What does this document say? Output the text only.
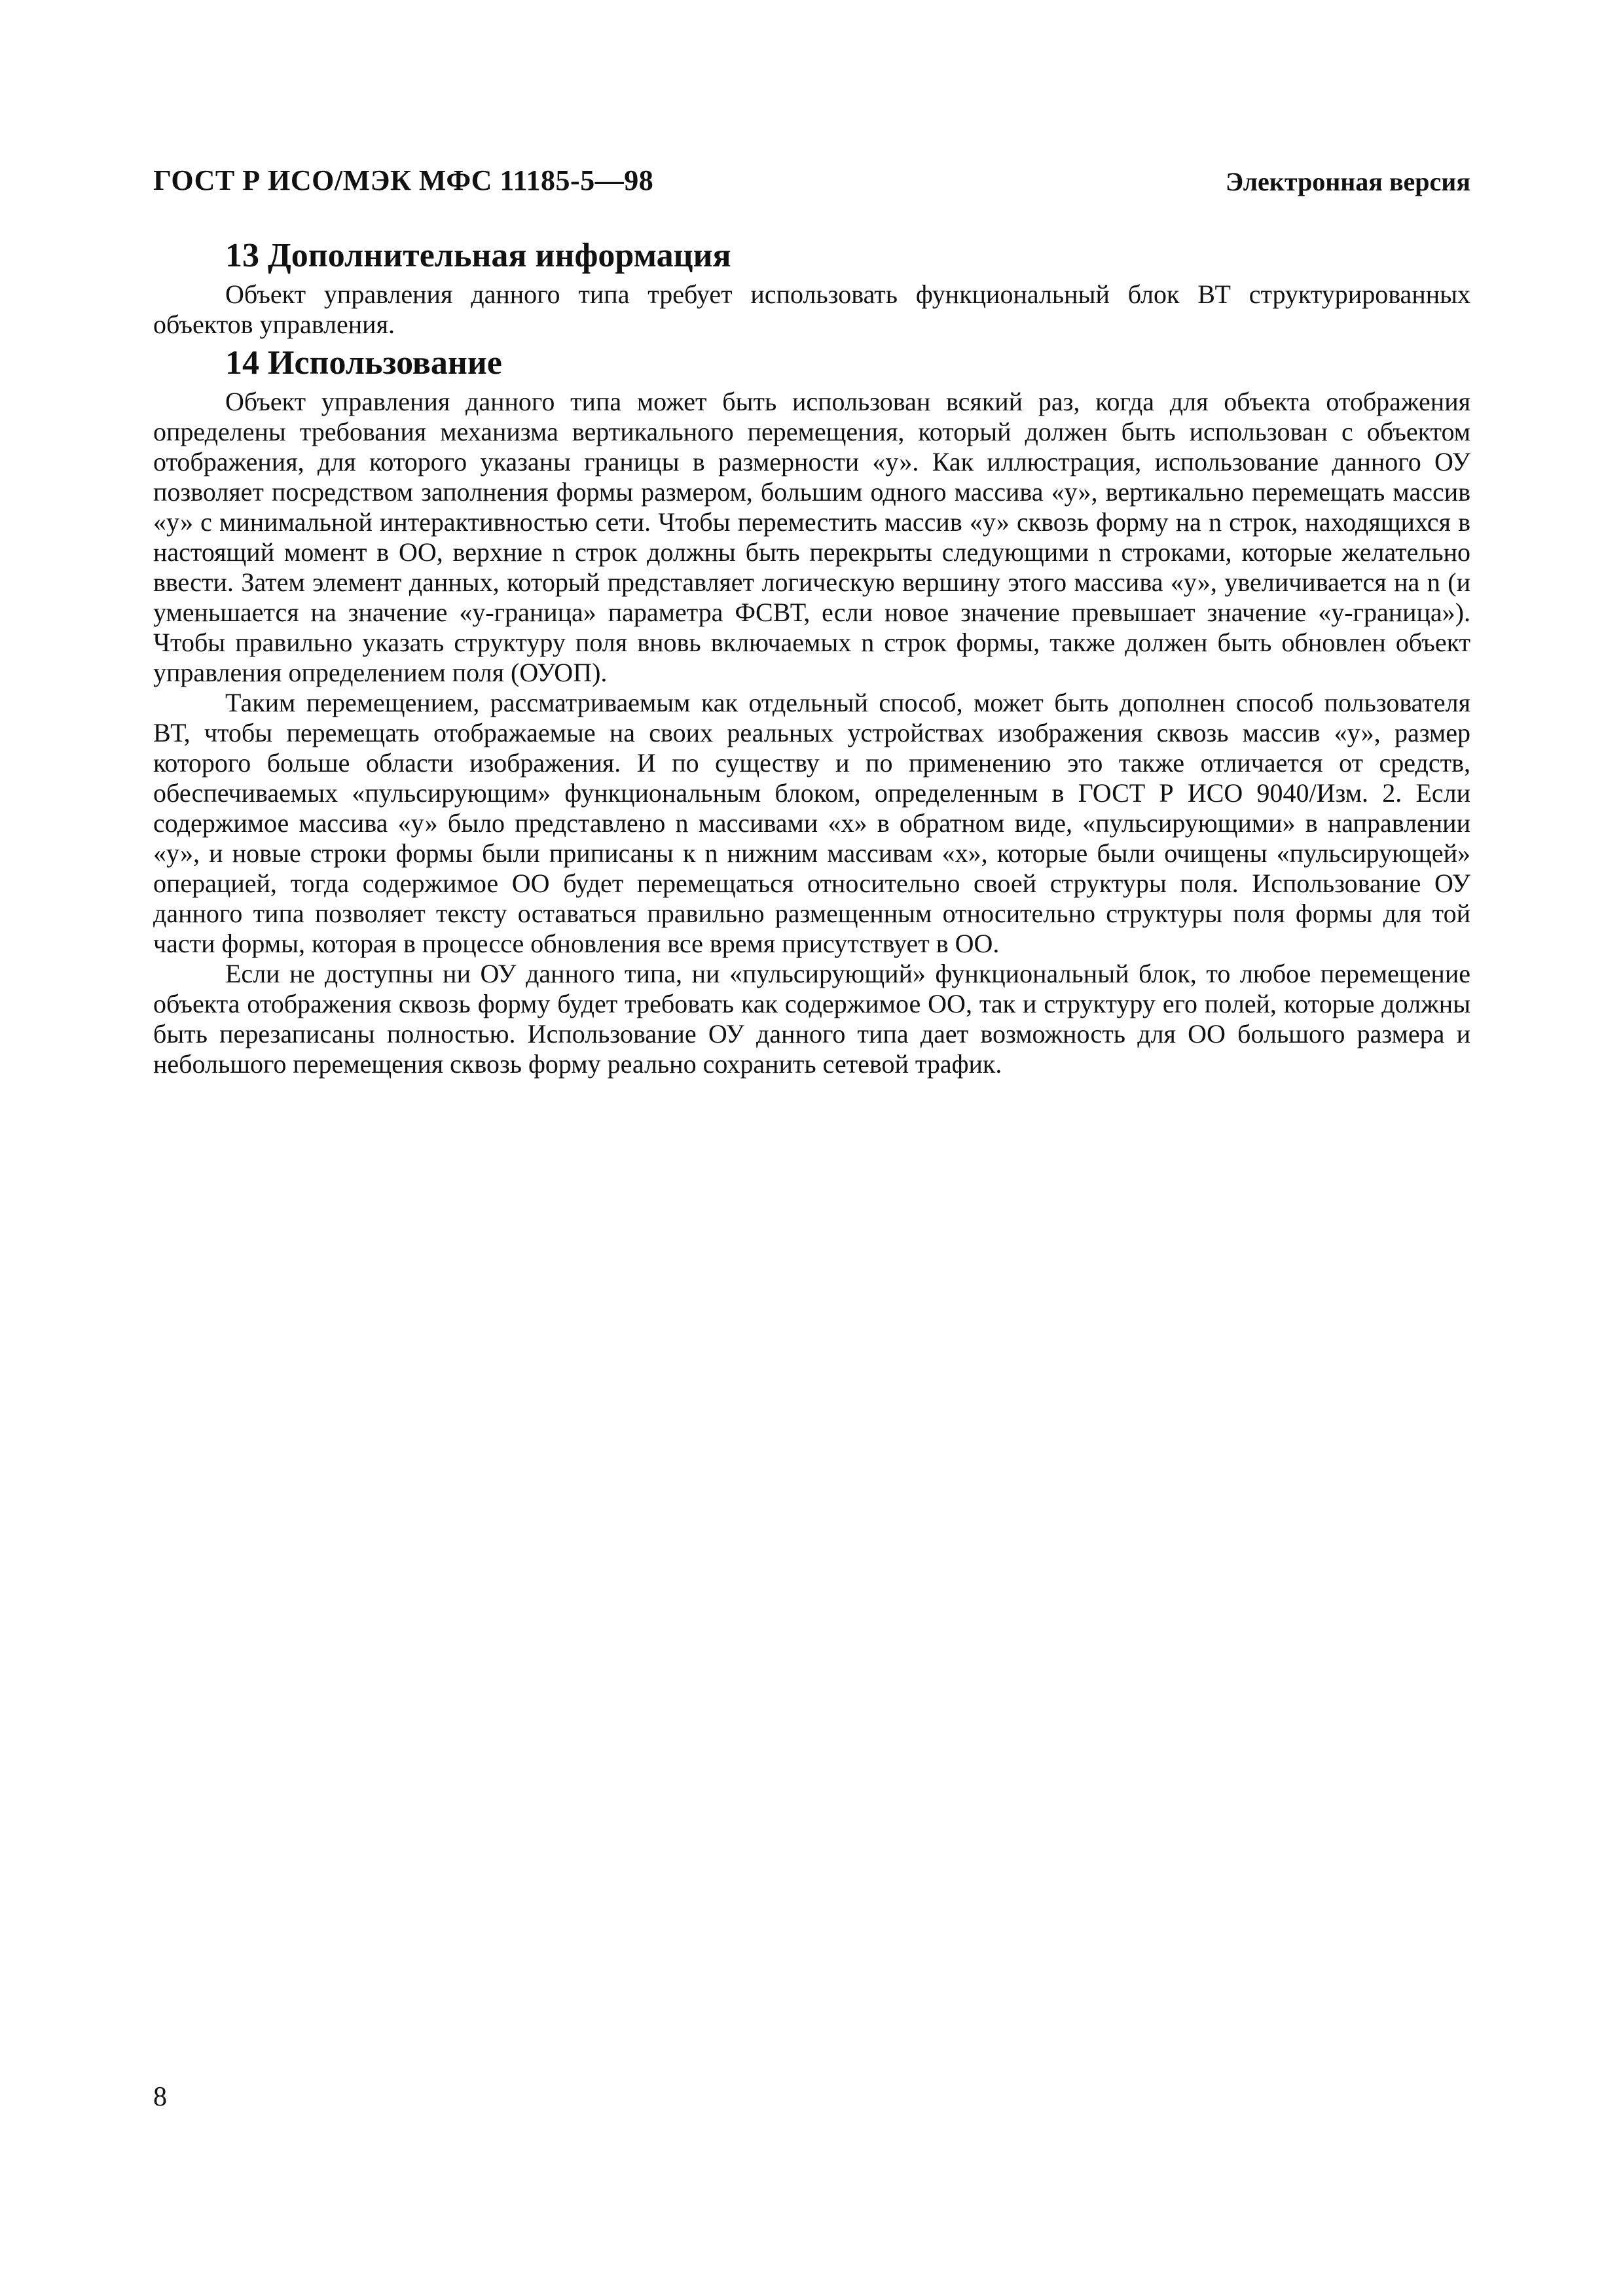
ГОСТ Р ИСО/МЭК МФС 11185-5—98	Электронная версия
13 Дополнительная информация

Объект управления данного типа требует использовать функциональный блок ВТ структурированных объектов управления.

14 Использование

Объект управления данного типа может быть использован всякий раз, когда для объекта отображения определены требования механизма вертикального перемещения, который должен быть использован с объектом отображения, для которого указаны границы в размерности «у». Как иллюстрация, использование данного ОУ позволяет посредством заполнения формы размером, большим одного массива «у», вертикально перемещать массив «у» с минимальной интерактивностью сети. Чтобы переместить массив «у» сквозь форму на n строк, находящихся в настоящий момент в ОО, верхние n строк должны быть перекрыты следующими n строками, которые желательно ввести. Затем элемент данных, который представляет логическую вершину этого массива «у», увеличивается на n (и уменьшается на значение «у-граница» параметра ФСВТ, если новое значение превышает значение «у-граница»). Чтобы правильно указать структуру поля вновь включаемых n строк формы, также должен быть обновлен объект управления определением поля (ОУОП).

Таким перемещением, рассматриваемым как отдельный способ, может быть дополнен способ пользователя ВТ, чтобы перемещать отображаемые на своих реальных устройствах изображения сквозь массив «у», размер которого больше области изображения. И по существу и по применению это также отличается от средств, обеспечиваемых «пульсирующим» функциональным блоком, определенным в ГОСТ Р ИСО 9040/Изм. 2. Если содержимое массива «у» было представлено n массивами «х» в обратном виде, «пульсирующими» в направлении «у», и новые строки формы были приписаны к n нижним массивам «х», которые были очищены «пульсирующей» операцией, тогда содержимое ОО будет перемещаться относительно своей структуры поля. Использование ОУ данного типа позволяет тексту оставаться правильно размещенным относительно структуры поля формы для той части формы, которая в процессе обновления все время присутствует в ОО.

Если не доступны ни ОУ данного типа, ни «пульсирующий» функциональный блок, то любое перемещение объекта отображения сквозь форму будет требовать как содержимое ОО, так и структуру его полей, которые должны быть перезаписаны полностью. Использование ОУ данного типа дает возможность для ОО большого размера и небольшого перемещения сквозь форму реально сохранить сетевой трафик.

8
